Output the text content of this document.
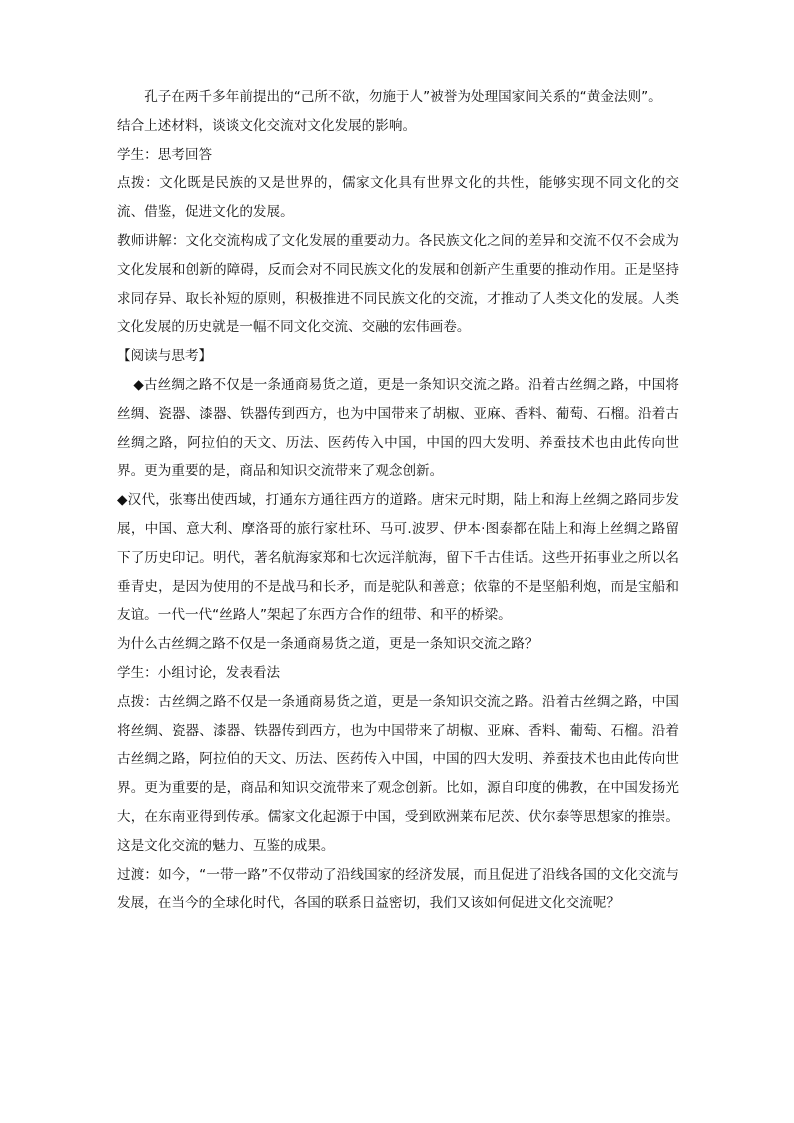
孔子在两千多年前提出的“己所不欲，勿施于人”被誉为处理国家间关系的“黄金法则”。

结合上述材料，谈谈文化交流对文化发展的影响。

学生：思考回答

点拨：文化既是民族的又是世界的，儒家文化具有世界文化的共性，能够实现不同文化的交流、借鉴，促进文化的发展。

教师讲解：文化交流构成了文化发展的重要动力。各民族文化之间的差异和交流不仅不会成为文化发展和创新的障碍，反而会对不同民族文化的发展和创新产生重要的推动作用。正是坚持求同存异、取长补短的原则，积极推进不同民族文化的交流，才推动了人类文化的发展。人类文化发展的历史就是一幅不同文化交流、交融的宏伟画卷。

【阅读与思考】

◆古丝绸之路不仅是一条通商易货之道，更是一条知识交流之路。沿着古丝绸之路，中国将丝绸、瓷器、漆器、铁器传到西方，也为中国带来了胡椒、亚麻、香料、葡萄、石榴。沿着古丝绸之路，阿拉伯的天文、历法、医药传入中国，中国的四大发明、养蚕技术也由此传向世界。更为重要的是，商品和知识交流带来了观念创新。

◆汉代，张骞出使西域，打通东方通往西方的道路。唐宋元时期，陆上和海上丝绸之路同步发展，中国、意大利、摩洛哥的旅行家杜环、马可.波罗、伊本·图泰都在陆上和海上丝绸之路留下了历史印记。明代，著名航海家郑和七次远洋航海，留下千古佳话。这些开拓事业之所以名垂青史，是因为使用的不是战马和长矛，而是驼队和善意；依靠的不是坚船利炮，而是宝船和友谊。一代一代“丝路人”架起了东西方合作的纽带、和平的桥梁。

为什么古丝绸之路不仅是一条通商易货之道，更是一条知识交流之路？

学生：小组讨论，发表看法

点拨：古丝绸之路不仅是一条通商易货之道，更是一条知识交流之路。沿着古丝绸之路，中国将丝绸、瓷器、漆器、铁器传到西方，也为中国带来了胡椒、亚麻、香料、葡萄、石榴。沿着古丝绸之路，阿拉伯的天文、历法、医药传入中国，中国的四大发明、养蚕技术也由此传向世界。更为重要的是，商品和知识交流带来了观念创新。比如，源自印度的佛教，在中国发扬光大，在东南亚得到传承。儒家文化起源于中国，受到欧洲莱布尼茨、伏尔泰等思想家的推崇。这是文化交流的魅力、互鉴的成果。

过渡：如今，“一带一路”不仅带动了沿线国家的经济发展，而且促进了沿线各国的文化交流与发展，在当今的全球化时代，各国的联系日益密切，我们又该如何促进文化交流呢？
